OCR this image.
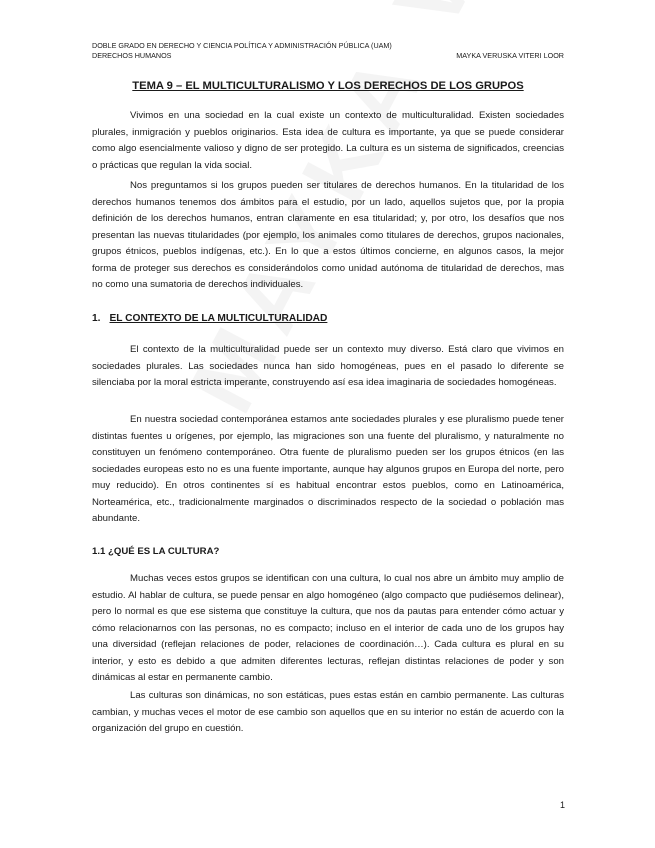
DOBLE GRADO EN DERECHO Y CIENCIA POLÍTICA Y ADMINISTRACIÓN PÚBLICA (UAM)
DERECHOS HUMANOS	MAYKA VERUSKA VITERI LOOR
TEMA 9 – EL MULTICULTURALISMO Y LOS DERECHOS DE LOS GRUPOS

Vivimos en una sociedad en la cual existe un contexto de multiculturalidad. Existen sociedades plurales, inmigración y pueblos originarios. Esta idea de cultura es importante, ya que se puede considerar como algo esencialmente valioso y digno de ser protegido. La cultura es un sistema de significados, creencias o prácticas que regulan la vida social.

Nos preguntamos si los grupos pueden ser titulares de derechos humanos. En la titularidad de los derechos humanos tenemos dos ámbitos para el estudio, por un lado, aquellos sujetos que, por la propia definición de los derechos humanos, entran claramente en esa titularidad; y, por otro, los desafíos que nos presentan las nuevas titularidades (por ejemplo, los animales como titulares de derechos, grupos nacionales, grupos étnicos, pueblos indígenas, etc.). En lo que a estos últimos concierne, en algunos casos, la mejor forma de proteger sus derechos es considerándolos como unidad autónoma de titularidad de derechos, mas no como una sumatoria de derechos individuales.

1. EL CONTEXTO DE LA MULTICULTURALIDAD

El contexto de la multiculturalidad puede ser un contexto muy diverso. Está claro que vivimos en sociedades plurales. Las sociedades nunca han sido homogéneas, pues en el pasado lo diferente se silenciaba por la moral estricta imperante, construyendo así esa idea imaginaria de sociedades homogéneas.

En nuestra sociedad contemporánea estamos ante sociedades plurales y ese pluralismo puede tener distintas fuentes u orígenes, por ejemplo, las migraciones son una fuente del pluralismo, y naturalmente no constituyen un fenómeno contemporáneo. Otra fuente de pluralismo pueden ser los grupos étnicos (en las sociedades europeas esto no es una fuente importante, aunque hay algunos grupos en Europa del norte, pero muy reducido). En otros continentes sí es habitual encontrar estos pueblos, como en Latinoamérica, Norteamérica, etc., tradicionalmente marginados o discriminados respecto de la sociedad o población mas abundante.

1.1 ¿QUÉ ES LA CULTURA?

Muchas veces estos grupos se identifican con una cultura, lo cual nos abre un ámbito muy amplio de estudio. Al hablar de cultura, se puede pensar en algo homogéneo (algo compacto que pudiésemos delinear), pero lo normal es que ese sistema que constituye la cultura, que nos da pautas para entender cómo actuar y cómo relacionarnos con las personas, no es compacto; incluso en el interior de cada uno de los grupos hay una diversidad (reflejan relaciones de poder, relaciones de coordinación…). Cada cultura es plural en su interior, y esto es debido a que admiten diferentes lecturas, reflejan distintas relaciones de poder y son dinámicas al estar en permanente cambio.

Las culturas son dinámicas, no son estáticas, pues estas están en cambio permanente. Las culturas cambian, y muchas veces el motor de ese cambio son aquellos que en su interior no están de acuerdo con la organización del grupo en cuestión.

1
